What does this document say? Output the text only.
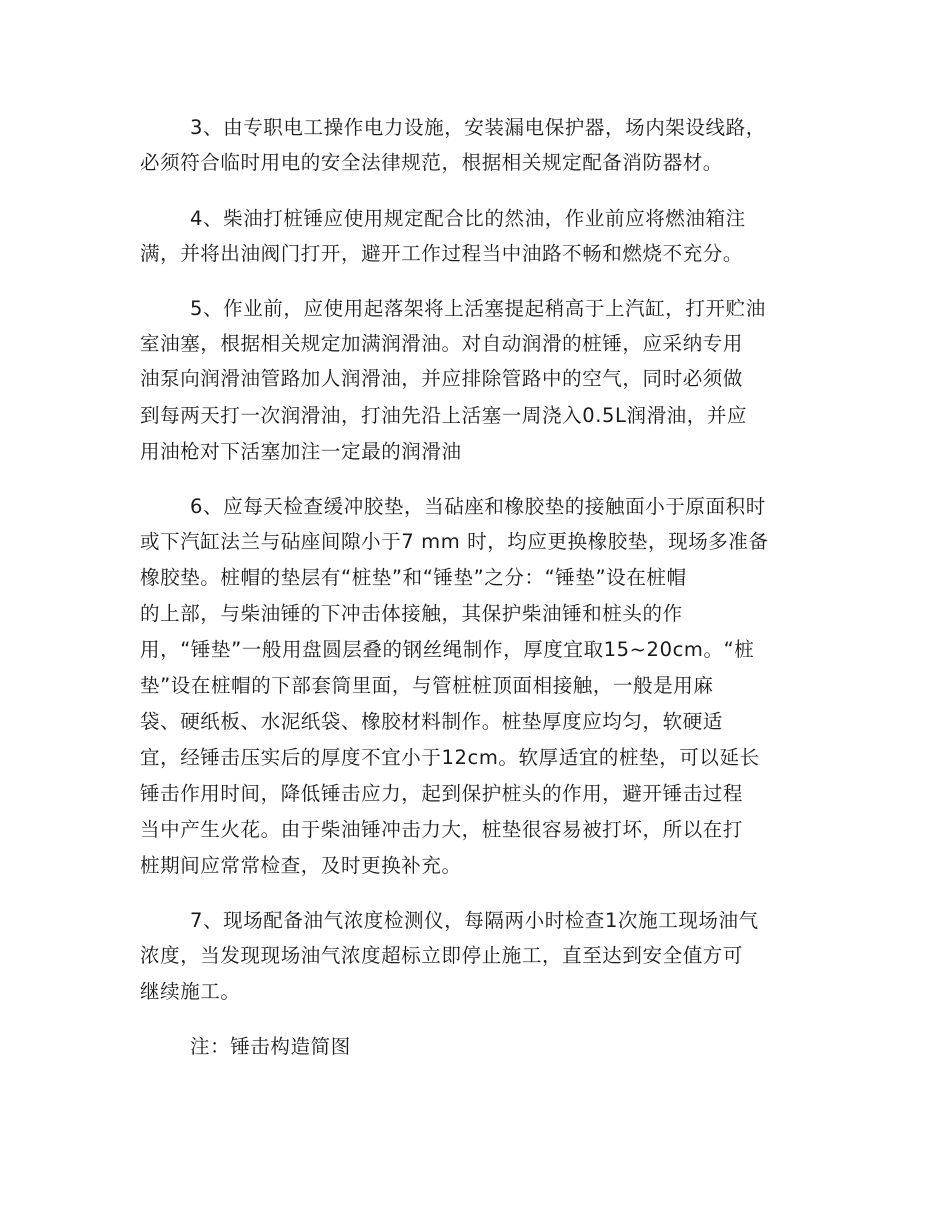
3、由专职电工操作电力设施，安装漏电保护器，场内架设线路，
必须符合临时用电的安全法律规范，根据相关规定配备消防器材。
4、柴油打桩锤应使用规定配合比的然油，作业前应将燃油箱注
满，并将出油阀门打开，避开工作过程当中油路不畅和燃烧不充分。
5、作业前，应使用起落架将上活塞提起稍高于上汽缸，打开贮油
室油塞，根据相关规定加满润滑油。对自动润滑的桩锤，应采纳专用
油泵向润滑油管路加人润滑油，并应排除管路中的空气，同时必须做
到每两天打一次润滑油，打油先沿上活塞一周浇入0.5L润滑油，并应
用油枪对下活塞加注一定最的润滑油
6、应每天检查缓冲胶垫，当砧座和橡胶垫的接触面小于原面积时
或下汽缸法兰与砧座间隙小于7 mm 时，均应更换橡胶垫，现场多准备
橡胶垫。桩帽的垫层有“桩垫”和“锤垫”之分：“锤垫”设在桩帽
的上部，与柴油锤的下冲击体接触，其保护柴油锤和桩头的作
用，“锤垫”一般用盘圆层叠的钢丝绳制作，厚度宜取15~20cm。“桩
垫”设在桩帽的下部套筒里面，与管桩桩顶面相接触，一般是用麻
袋、硬纸板、水泥纸袋、橡胶材料制作。桩垫厚度应均匀，软硬适
宜，经锤击压实后的厚度不宜小于12cm。软厚适宜的桩垫，可以延长
锤击作用时间，降低锤击应力，起到保护桩头的作用，避开锤击过程
当中产生火花。由于柴油锤冲击力大，桩垫很容易被打坏，所以在打
桩期间应常常检查，及时更换补充。
7、现场配备油气浓度检测仪，每隔两小时检查1次施工现场油气
浓度，当发现现场油气浓度超标立即停止施工，直至达到安全值方可
继续施工。
注：锤击构造简图
